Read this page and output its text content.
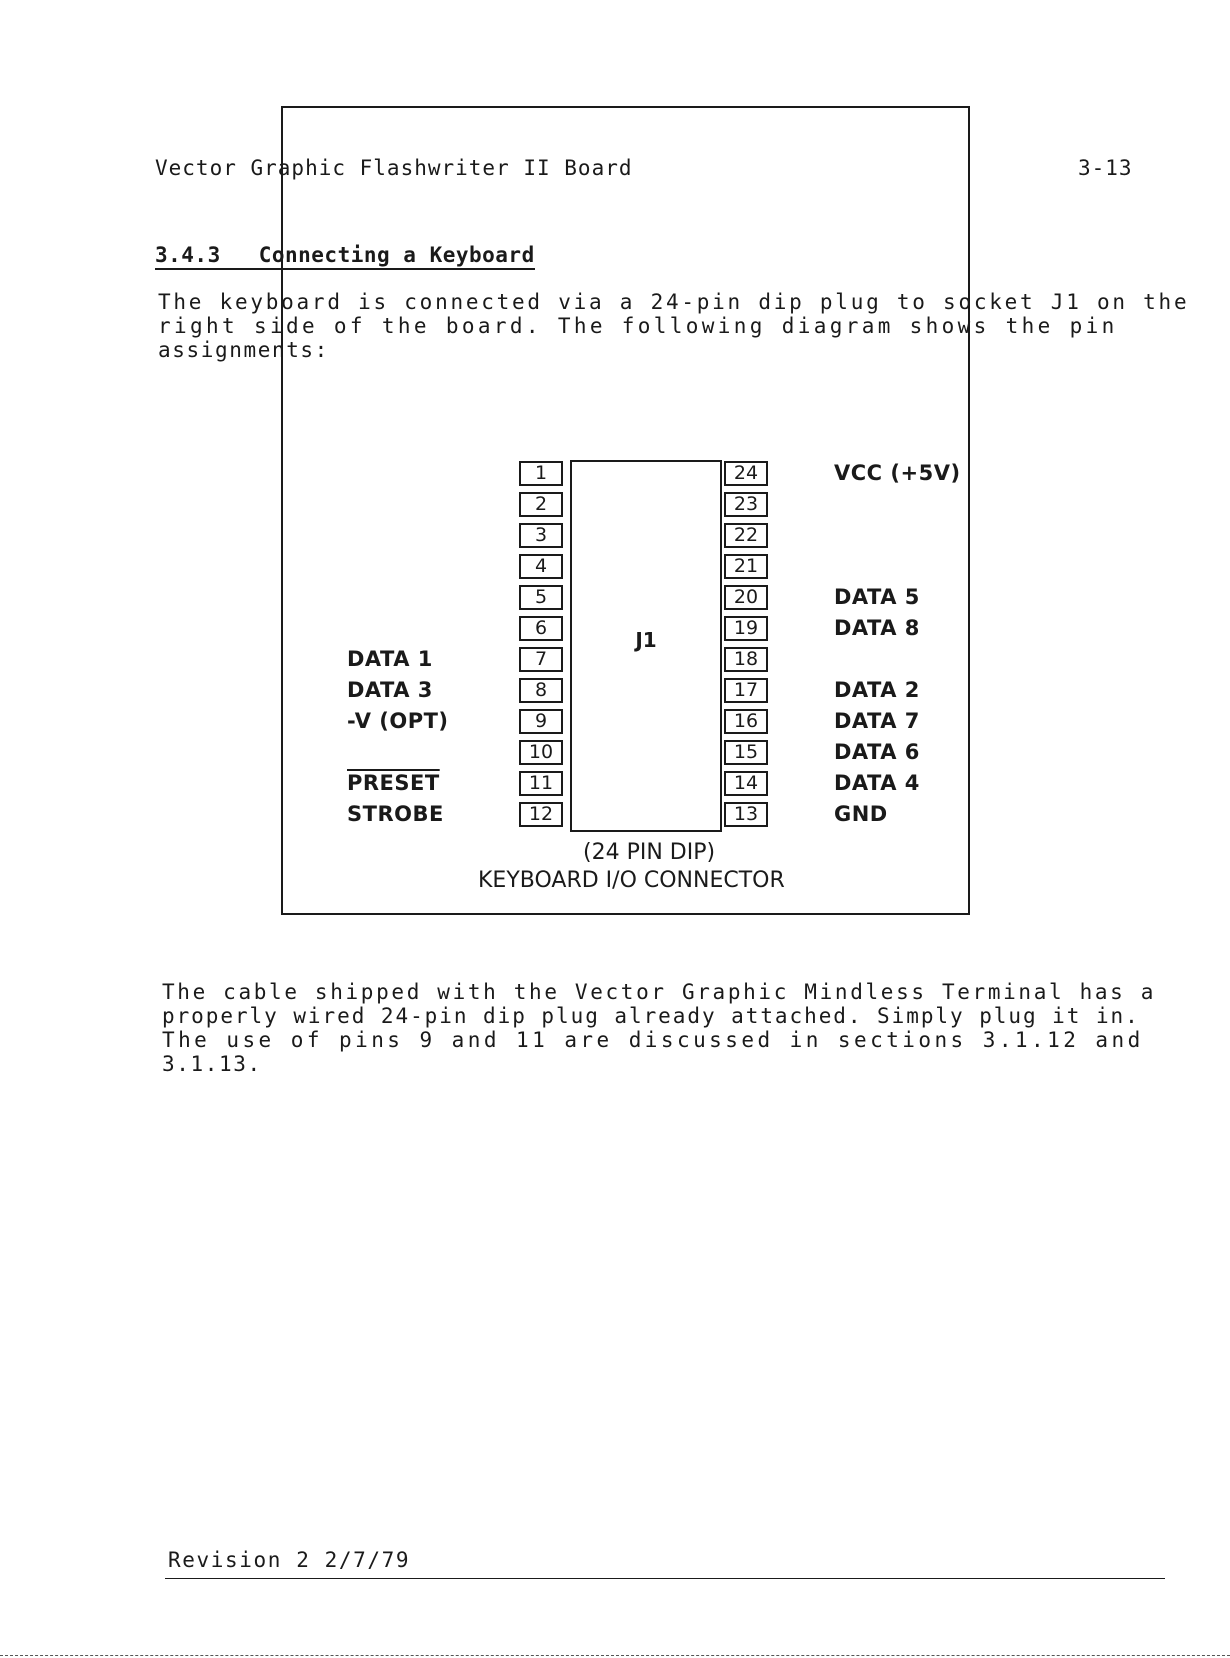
Vector Graphic Flashwriter II Board	3-13
3.4.3 Connecting a Keyboard
The keyboard is connected via a 24-pin dip plug to socket J1 on the
right side of the board. The following diagram shows the pin
assignments:
J1
1
2
3
4
5
6
7
8
9
10
11
12
24
23
22
21
20
19
18
17
16
15
14
13
DATA 1
DATA 3
-V (OPT)
PRESET
STROBE
VCC (+5V)
DATA 5
DATA 8
DATA 2
DATA 7
DATA 6
DATA 4
GND
(24 PIN DIP)
KEYBOARD I/O CONNECTOR
The cable shipped with the Vector Graphic Mindless Terminal has a
properly wired 24-pin dip plug already attached. Simply plug it in.
The use of pins 9 and 11 are discussed in sections 3.1.12 and
3.1.13.
Revision 2 2/7/79
